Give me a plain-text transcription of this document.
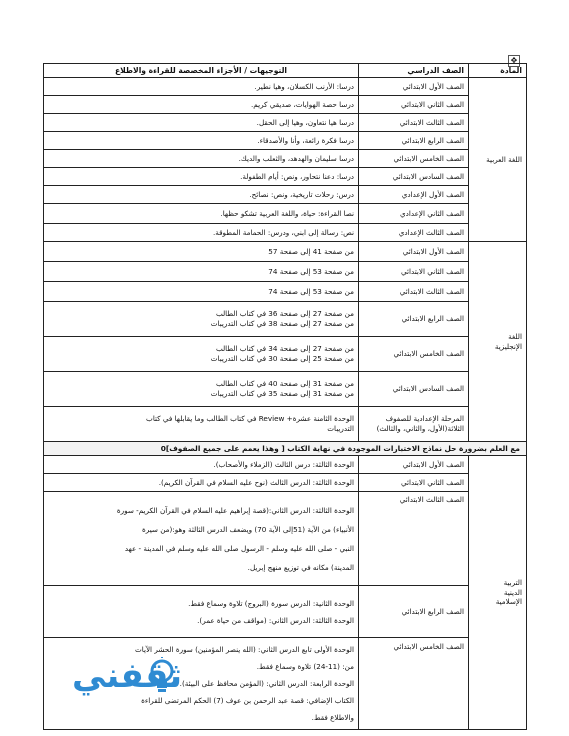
✥
المادة	الصف الدراسي	التوجيهات / الأجزاء المخصصة للقراءة والاطلاع
اللغة العربية	الصف الأول الابتدائي	درسا: الأرنب الكسلان، وهيا نطير.
	الصف الثاني الابتدائي	درسا حصة الهوايات، صديقي كريم.
	الصف الثالث الابتدائي	درسا هيا نتعاون، وهيا إلى الحقل.
	الصف الرابع الابتدائي	درسا فكرة رائعة، وأنا والأصدقاء.
	الصف الخامس الابتدائي	درسا سليمان والهدهد، والثعلب والديك.
	الصف السادس الابتدائي	درسا: دعنا نتحاور، ونص: أيام الطفولة.
	الصف الأول الإعدادي	درس: رحلات تاريخية، ونص: نصائح.
	الصف الثاني الإعدادي	نصا القراءة: حياة، واللغة العربية تشكو حظها.
	الصف الثالث الإعدادي	نص: رسالة إلى ابني، ودرس: الحمامة المطوقة.

اللغة
الإنجليزية	الصف الأول الابتدائي	من صفحة 41 إلى صفحة 57

	الصف الثاني الابتدائي	من صفحة 53 إلى صفحة 74

	الصف الثالث الابتدائي	من صفحة 53 إلى صفحة 74

	الصف الرابع الابتدائي	من صفحة 27 إلى صفحة 36 في كتاب الطالب
من صفحة 27 إلى صفحة 38 في كتاب التدريبات

	الصف الخامس الابتدائي	من صفحة 27 إلى صفحة 34 في كتاب الطالب
من صفحة 25 إلى صفحة 30 في كتاب التدريبات

	الصف السادس الابتدائي	من صفحة 31 إلى صفحة 40 في كتاب الطالب
من صفحة 31 إلى صفحة 35 في كتاب التدريبات

	المرحلة الإعدادية للصفوف
الثلاثة(الأول، والثاني، والثالث)	الوحدة الثامنة عشرة+ Review في كتاب الطالب وما يقابلها في كتاب
التدريبات

مع العلم بضرورة حل نماذج الاختبارات الموجودة في نهاية الكتاب [ وهذا يعمم على جميع الصفوف]0		

التربية
الدينية
الإسلامية	الصف الأول الابتدائي	الوحدة الثالثة: درس الثالث (الزملاء والأصحاب).

	الصف الثاني الابتدائي	الوحدة الثالثة: الدرس الثالث (نوح عليه السلام في القرآن الكريم).

	الصف الثالث الابتدائي	الوحدة الثالثة: الدرس الثاني:(قصة إبراهيم عليه السلام في القرآن الكريم- سورة
الأنبياء) من الآية (51إلى الآية 70) ويضعف الدرس الثالثة وهو:(من سيرة
النبي - صلى الله عليه وسلم - الرسول صلى الله عليه وسلم في المدينة - عهد
المدينة) مكانه في توزيع منهج إبريل.

	الصف الرابع الابتدائي	الوحدة الثانية: الدرس سورة (البروج) تلاوة وسماع فقط.
الوحدة الثالثة: الدرس الثاني: (مواقف من حياة عمر).

	الصف الخامس الابتدائي	الوحدة الأولى تابع الدرس الثاني: (الله ينصر المؤمنين) سورة الحشر الآيات
من: (11-24) تلاوة وسماع فقط.
الوحدة الرابعة: الدرس الثاني: (المؤمن محافظ على البيئة).
الكتاب الإضافي: قصة عبد الرحمن بن عوف (7) الحكم المرتضى للقراءة
والاطلاع فقط.
ثقفني
